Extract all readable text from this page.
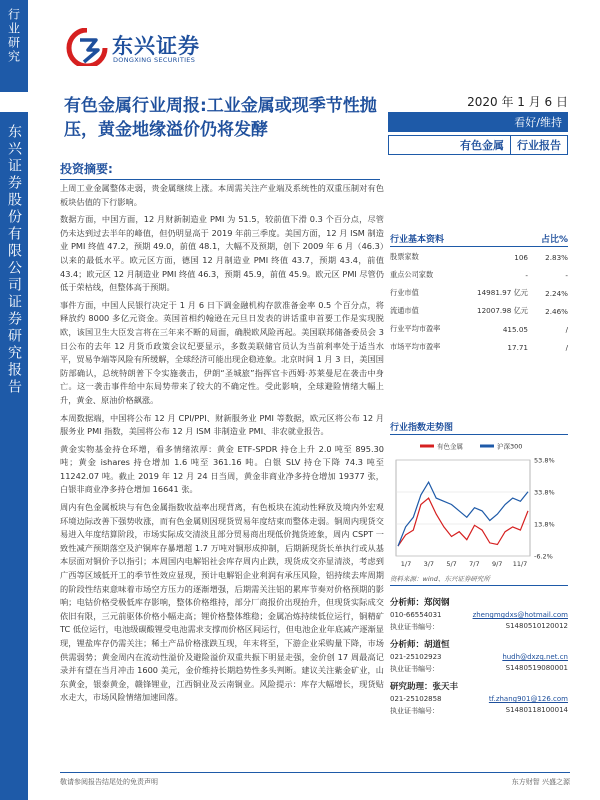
行业研究
东兴证券股份有限公司证券研究报告
东兴证券
DONGXING SECURITIES
有色金属行业周报:工业金属或现季节性抛压，黄金地缘溢价仍将发酵
2020 年 1 月 6 日
看好/维持
有色金属	行业报告
投资摘要:

上周工业金属整体走弱，贵金属继续上涨。本周需关注产业端及系统性的双重压制对有色板块估值的下行影响。

数据方面，中国方面，12 月财新制造业 PMI 为 51.5，较前值下滑 0.3 个百分点，尽管仍未达到过去半年的峰值，但仍明显高于 2019 年前三季度。美国方面，12 月 ISM 制造业 PMI 终值 47.2，预期 49.0，前值 48.1，大幅不及预期，创下 2009 年 6 月（46.3）以来的最低水平。欧元区方面，德国 12 月制造业 PMI 终值 43.7，预期 43.4，前值 43.4；欧元区 12 月制造业 PMI 终值 46.3，预期 45.9，前值 45.9。欧元区 PMI 尽管仍低于荣枯线，但整体高于预期。

事件方面，中国人民银行决定于 1 月 6 日下调金融机构存款准备金率 0.5 个百分点，将释放约 8000 多亿元资金。英国首相约翰逊在元旦日发表的讲话重申首要工作是实现脱欧，该国卫生大臣发言将在三年来不断的局面，确脱欧风险再起。美国联邦储备委员会 3 日公布的去年 12 月货币政策会议纪要显示，多数美联储官员认为当前利率处于适当水平，贸易争端等风险有所缓解，全球经济可能出现企稳迹象。北京时间 1 月 3 日，美国国防部确认，总统特朗普下令实施袭击，伊朗“圣城旅”指挥官卡西姆·苏莱曼尼在袭击中身亡。这一袭击事件给中东局势带来了较大的不确定性。受此影响，全球避险情绪大幅上升，黄金、原油价格飙涨。

本周数据端，中国将公布 12 月 CPI/PPI、财新服务业 PMI 等数据，欧元区将公布 12 月服务业 PMI 指数，美国将公布 12 月 ISM 非制造业 PMI、非农就业报告。

黄金实物基金持仓环增，看多情绪浓厚：黄金 ETF-SPDR 持仓上升 2.0 吨至 895.30 吨；黄金 ishares 持仓增加 1.6 吨至 361.16 吨。白银 SLV 持仓下降 74.3 吨至 11242.07 吨。截止 2019 年 12 月 24 日当周，黄金非商业净多持仓增加 19377 张，白银非商业净多持仓增加 16641 张。

周内有色金属板块与有色金属指数收益率出现背离，有色板块在流动性释放及境内外宏观环境边际改善下强势收涨，而有色金属则因现货贸易年度结束而整体走弱。铜周内现货交易进入年度结算阶段，市场实际成交清淡且部分贸易商出现低价抛货迹象，周内 CSPT 一致性减产预期落空及沪铜库存暴增超 1.7 万吨对铜形成抑制，后期新现货长单执行或从基本层面对铜价予以指引；本周国内电解铝社会库存周内止跌，现货成交亦显清淡，考虑到广西等区域低开工的季节性效应显现，预计电解铝企业利润有承压风险，铝持续去库周期的阶段性结束意味着市场空方压力的逐渐增强，后期需关注铝的累库节奏对价格预期的影响；电钴价格受极低库存影响，整体价格维持，部分厂商报价出现抬升，但现货实际成交依旧有限，三元前驱体价格小幅走高；锂价格整体维稳；金属冶炼持续低位运行，铜精矿TC 低位运行，电池级碳酸锂受电池需求支撑而价格区间运行，但电池企业年底减产逐渐显现，锂盐库存仍需关注；稀土产品价格涨跌互现，年末将至，下游企业采购量下降，市场供需弱势；黄金周内在流动性溢价及避险溢价双重共振下明显走强，金价创 17 周最高记录并有望在当月冲击 1600 美元，金价维持长期趋势性多头判断。建议关注紫金矿业，山东黄金，银泰黄金，赣锋锂业，江西铜业及云南铜业。风险提示：库存大幅增长，现货贴水走大，市场风险情绪加速回落。

行业基本资料	占比%
股票家数	106	2.83%
重点公司家数	-	-
行业市值	14981.97 亿元	2.24%
流通市值	12007.98 亿元	2.46%
行业平均市盈率	415.05	/
市场平均市盈率	17.71	/
行业指数走势图
53.8%
33.8%
13.8%
-6.2%
1/7 3/7 5/7 7/7 9/7 11/7
有色金属	沪深300
资料来源：wind、东兴证券研究所
分析师：郑闵钢
010-66554031	zhengmgdxs@hotmail.com
执业证书编号：	S1480510120012
分析师：胡道恒
021-25102923	hudh@dxzq.net.cn
执业证书编号：	S1480519080001
研究助理：张天丰
021-25102858	tf.zhang901@126.com
执业证书编号：	S1480118100014
敬请参阅报告结尾处的免责声明	东方财智 兴盛之源
